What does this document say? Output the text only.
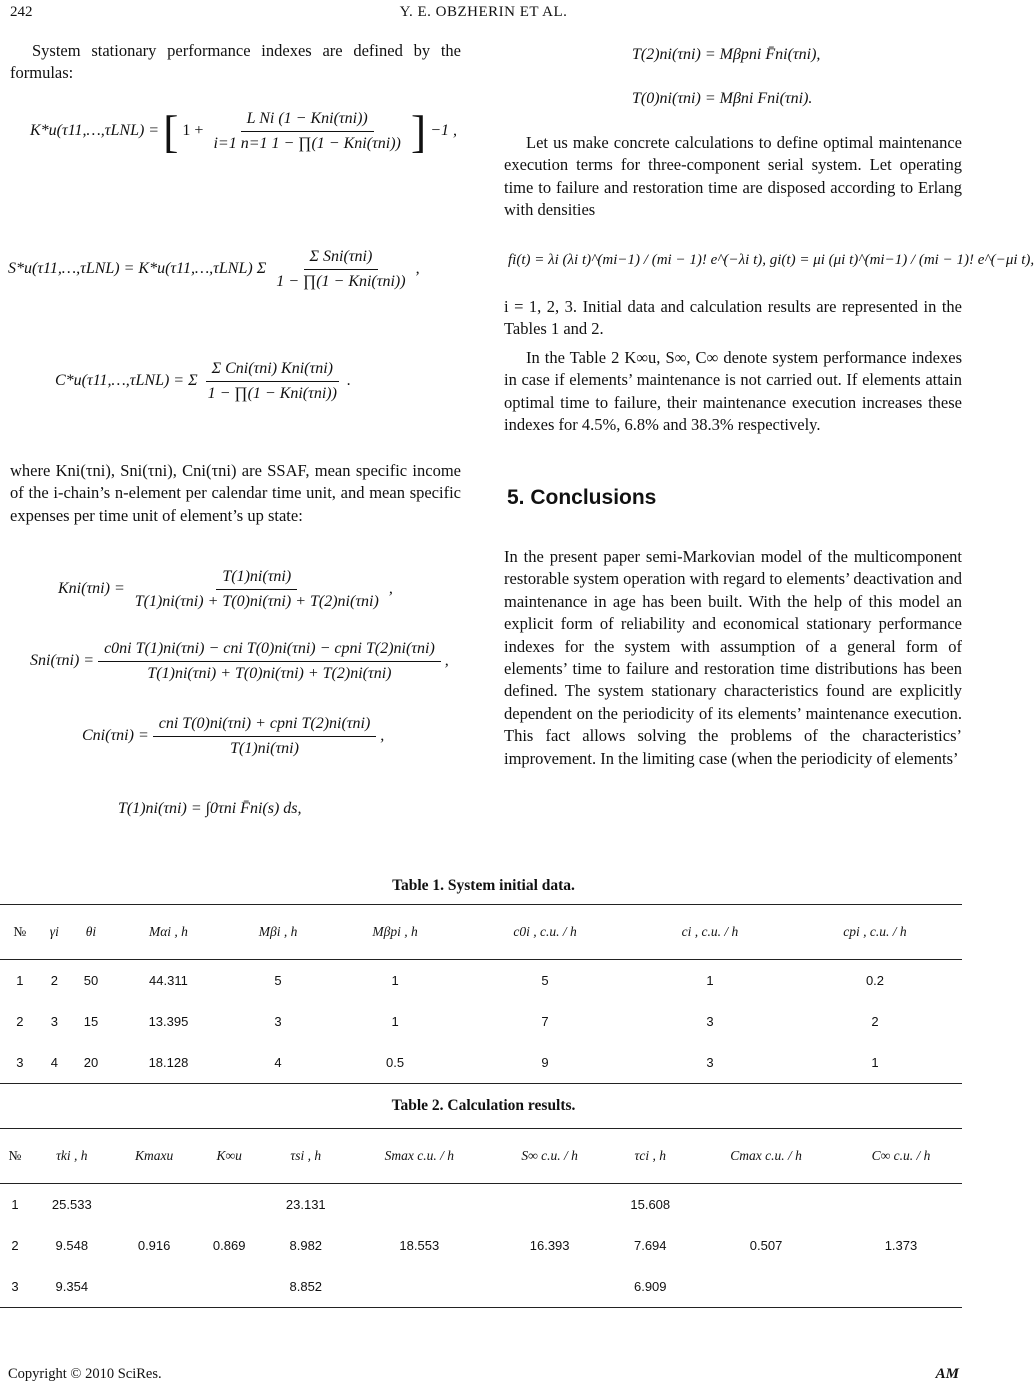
242	Y. E. OBZHERIN ET AL.

System stationary performance indexes are defined by the formulas:

K*u(τ11,…,τLNL) = [ $1 + \frac{\text{L Ni (1 − Kni(τni))}}{\text{i=1 n=1 1 − ∏(1 − Kni(τni))}}$ ] −1 ,
S*u(τ11,…,τLNL) = K*u(τ11,…,τLNL) Σ $\frac{\text{Σ Sni(τni)}}{\text{1 − ∏(1 − Kni(τni))}}$ ,
C*u(τ11,…,τLNL) = Σ $\frac{\text{Σ Cni(τni) Kni(τni)}}{\text{1 − ∏(1 − Kni(τni))}}$ .

where Kni(τni), Sni(τni), Cni(τni) are SSAF, mean specific income of the i-chain’s n-element per calendar time unit, and mean specific expenses per time unit of element’s up state:

$Kni(\tau ni) = \frac{\text{T(1)ni(τni)}}{\text{T(1)ni(τni) + T(0)ni(τni) + T(2)ni(τni)}}$ ,
$Sni(\tau ni) = \frac{\text{c0ni T(1)ni(τni) − cni T(0)ni(τni) − cpni T(2)ni(τni)}}{\text{T(1)ni(τni) + T(0)ni(τni) + T(2)ni(τni)}}$ ,
$Cni(\tau ni) = \frac{\text{cni T(0)ni(τni) + cpni T(2)ni(τni)}}{\text{T(1)ni(τni)}}$ ,
T(1)ni(τni) = ∫0τni F̄ni(s) ds,
T(2)ni(τni) = Mβpni F̄ni(τni),
T(0)ni(τni) = Mβni Fni(τni).

Let us make concrete calculations to define optimal maintenance execution terms for three-component serial system. Let operating time to failure and restoration time are disposed according to Erlang with densities

fi(t) = λi (λi t)^(mi−1) / (mi − 1)! e^(−λi t), gi(t) = μi (μi t)^(mi−1) / (mi − 1)! e^(−μi t),

i = 1, 2, 3. Initial data and calculation results are represented in the Tables 1 and 2.

In the Table 2 K∞u, S∞, C∞ denote system performance indexes in case if elements’ maintenance is not carried out. If elements attain optimal time to failure, their maintenance execution increases these indexes for 4.5%, 6.8% and 38.3% respectively.

5. Conclusions

In the present paper semi-Markovian model of the multicomponent restorable system operation with regard to elements’ deactivation and maintenance in age has been built. With the help of this model an explicit form of reliability and economical stationary performance indexes for the system with assumption of a general form of elements’ time to failure and restoration time distributions has been defined. The system stationary characteristics found are explicitly dependent on the periodicity of its elements’ maintenance execution. This fact allows solving the problems of the characteristics’ improvement. In the limiting case (when the periodicity of elements’

Table 1. System initial data.
№	γi	θi	Mαi , h	Mβi , h	Mβpi , h	c0i , c.u. / h	ci , c.u. / h	cpi , c.u. / h
1	2	50	44.311	5	1	5	1	0.2
2	3	15	13.395	3	1	7	3	2
3	4	20	18.128	4	0.5	9	3	1
Table 2. Calculation results.
№	τki , h	Kmaxu	K∞u	τsi , h	Smax c.u. / h	S∞ c.u. / h	τci , h	Cmax c.u. / h	C∞ c.u. / h
1	25.533			23.131			15.608		
2	9.548	0.916	0.869	8.982	18.553	16.393	7.694	0.507	1.373
3	9.354			8.852			6.909		
Copyright © 2010 SciRes.	AM
